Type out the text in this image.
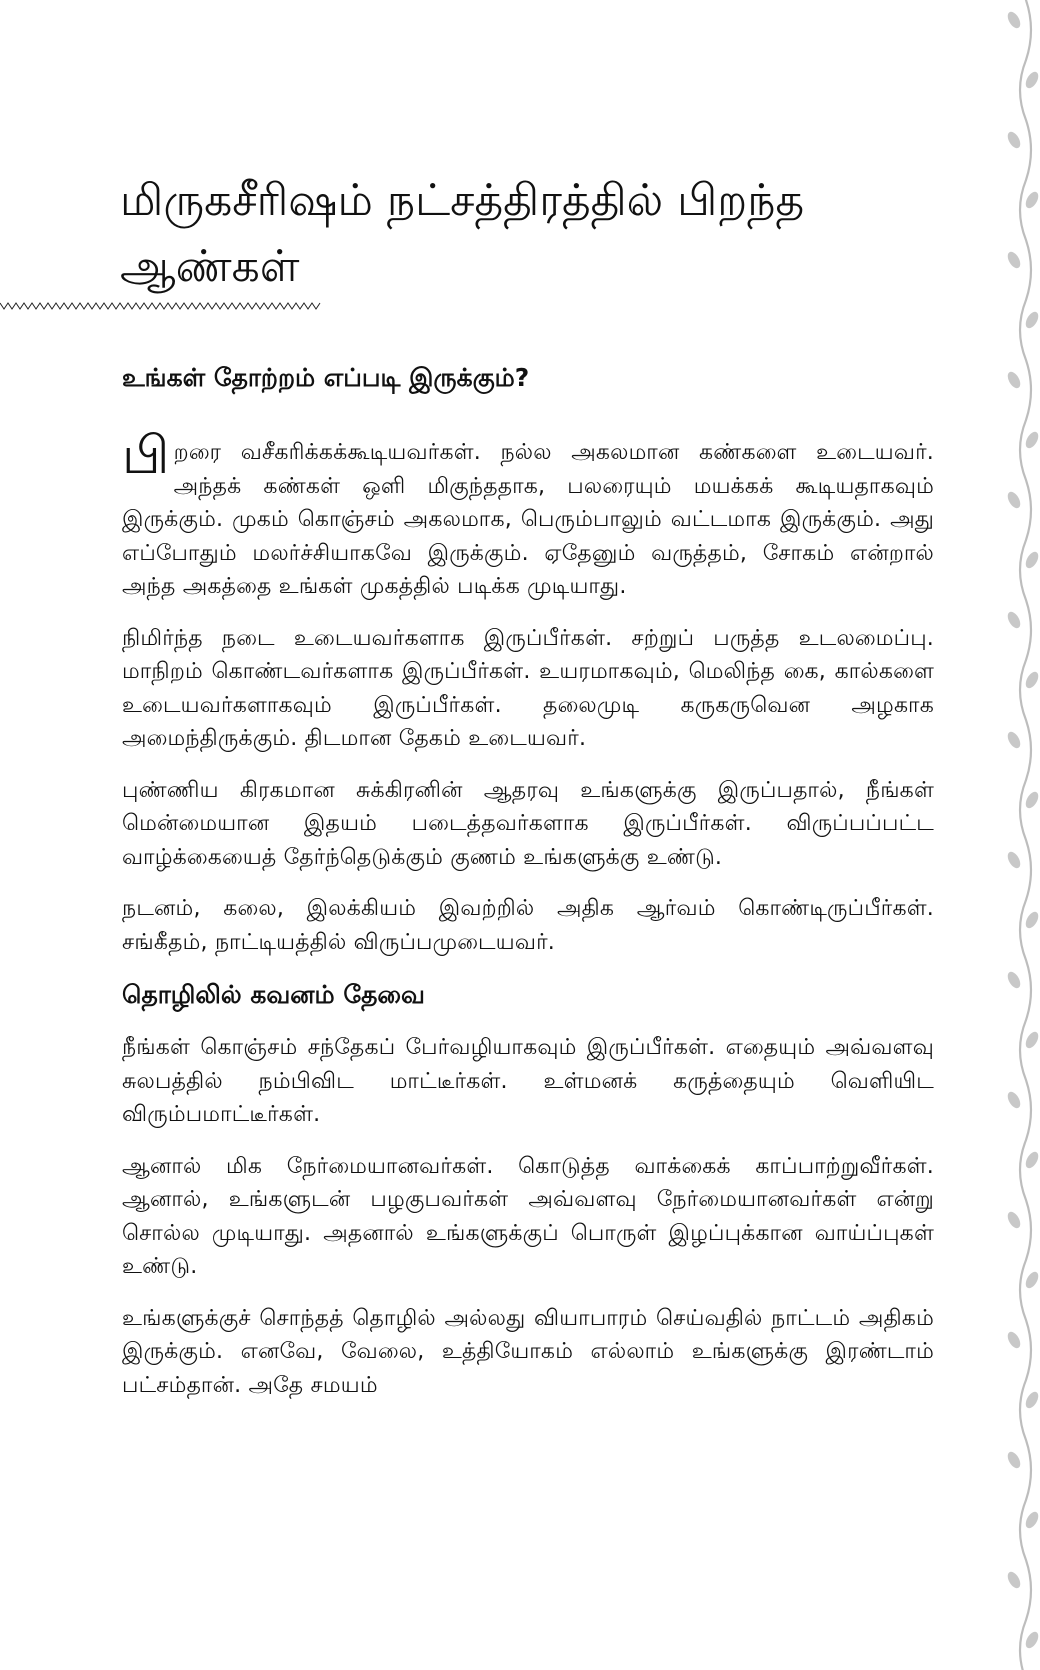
மிருகசீரிஷம் நட்சத்திரத்தில் பிறந்த ஆண்கள்
உங்கள் தோற்றம் எப்படி இருக்கும்?

பிறரை வசீகரிக்கக்கூடியவர்கள். நல்ல அகலமான கண்களை உடையவர். அந்தக் கண்கள் ஒளி மிகுந்ததாக, பலரையும் மயக்கக் கூடியதாகவும் இருக்கும். முகம் கொஞ்சம் அகலமாக, பெரும்பாலும் வட்டமாக இருக்கும். அது எப்போதும் மலர்ச்சியாகவே இருக்கும். ஏதேனும் வருத்தம், சோகம் என்றால் அந்த அகத்தை உங்கள் முகத்தில் படிக்க முடியாது.

நிமிர்ந்த நடை உடையவர்களாக இருப்பீர்கள். சற்றுப் பருத்த உடலமைப்பு. மாநிறம் கொண்டவர்களாக இருப்பீர்கள். உயரமாகவும், மெலிந்த கை, கால்களை உடையவர்களாகவும் இருப்பீர்கள். தலைமுடி கருகருவென அழகாக அமைந்திருக்கும். திடமான தேகம் உடையவர்.

புண்ணிய கிரகமான சுக்கிரனின் ஆதரவு உங்களுக்கு இருப்பதால், நீங்கள் மென்மையான இதயம் படைத்தவர்களாக இருப்பீர்கள். விருப்பப்பட்ட வாழ்க்கையைத் தேர்ந்தெடுக்கும் குணம் உங்களுக்கு உண்டு.

நடனம், கலை, இலக்கியம் இவற்றில் அதிக ஆர்வம் கொண்டிருப்பீர்கள். சங்கீதம், நாட்டியத்தில் விருப்பமுடையவர்.

தொழிலில் கவனம் தேவை

நீங்கள் கொஞ்சம் சந்தேகப் பேர்வழியாகவும் இருப்பீர்கள். எதையும் அவ்வளவு சுலபத்தில் நம்பிவிட மாட்டீர்கள். உள்மனக் கருத்தையும் வெளியிட விரும்பமாட்டீர்கள்.

ஆனால் மிக நேர்மையானவர்கள். கொடுத்த வாக்கைக் காப்பாற்றுவீர்கள். ஆனால், உங்களுடன் பழகுபவர்கள் அவ்வளவு நேர்மையானவர்கள் என்று சொல்ல முடியாது. அதனால் உங்களுக்குப் பொருள் இழப்புக்கான வாய்ப்புகள் உண்டு.

உங்களுக்குச் சொந்தத் தொழில் அல்லது வியாபாரம் செய்வதில் நாட்டம் அதிகம் இருக்கும். எனவே, வேலை, உத்தியோகம் எல்லாம் உங்களுக்கு இரண்டாம் பட்சம்தான். அதே சமயம்
